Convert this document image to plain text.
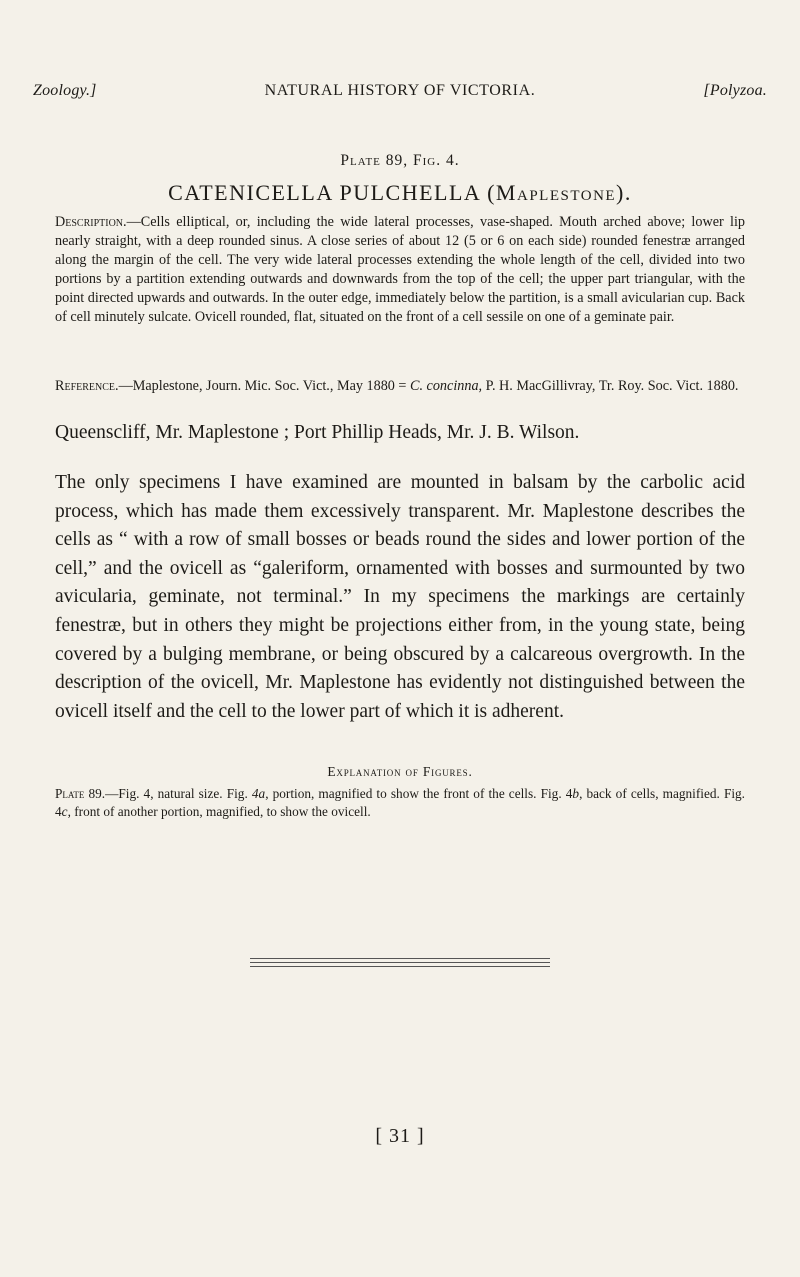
Zoology.]	NATURAL HISTORY OF VICTORIA.	[Polyzoa.
Plate 89, Fig. 4.
CATENICELLA PULCHELLA (Maplestone).

Description.—Cells elliptical, or, including the wide lateral processes, vase-shaped. Mouth arched above; lower lip nearly straight, with a deep rounded sinus. A close series of about 12 (5 or 6 on each side) rounded fenestræ arranged along the margin of the cell. The very wide lateral processes extending the whole length of the cell, divided into two portions by a partition extending outwards and downwards from the top of the cell; the upper part triangular, with the point directed upwards and outwards. In the outer edge, immediately below the partition, is a small avicularian cup. Back of cell minutely sulcate. Ovicell rounded, flat, situated on the front of a cell sessile on one of a geminate pair.

Reference.—Maplestone, Journ. Mic. Soc. Vict., May 1880 = C. concinna, P. H. MacGillivray, Tr. Roy. Soc. Vict. 1880.

Queenscliff, Mr. Maplestone ; Port Phillip Heads, Mr. J. B. Wilson.
The only specimens I have examined are mounted in balsam by the carbolic acid process, which has made them excessively transparent. Mr. Maplestone describes the cells as “ with a row of small bosses or beads round the sides and lower portion of the cell,” and the ovicell as “galeriform, ornamented with bosses and surmounted by two avicularia, geminate, not terminal.” In my specimens the markings are certainly fenestræ, but in others they might be projections either from, in the young state, being covered by a bulging membrane, or being obscured by a calcareous overgrowth. In the description of the ovicell, Mr. Maplestone has evidently not distinguished between the ovicell itself and the cell to the lower part of which it is adherent.
Explanation of Figures.
Plate 89.—Fig. 4, natural size. Fig. 4a, portion, magnified to show the front of the cells. Fig. 4b, back of cells, magnified. Fig. 4c, front of another portion, magnified, to show the ovicell.
[ 31 ]
